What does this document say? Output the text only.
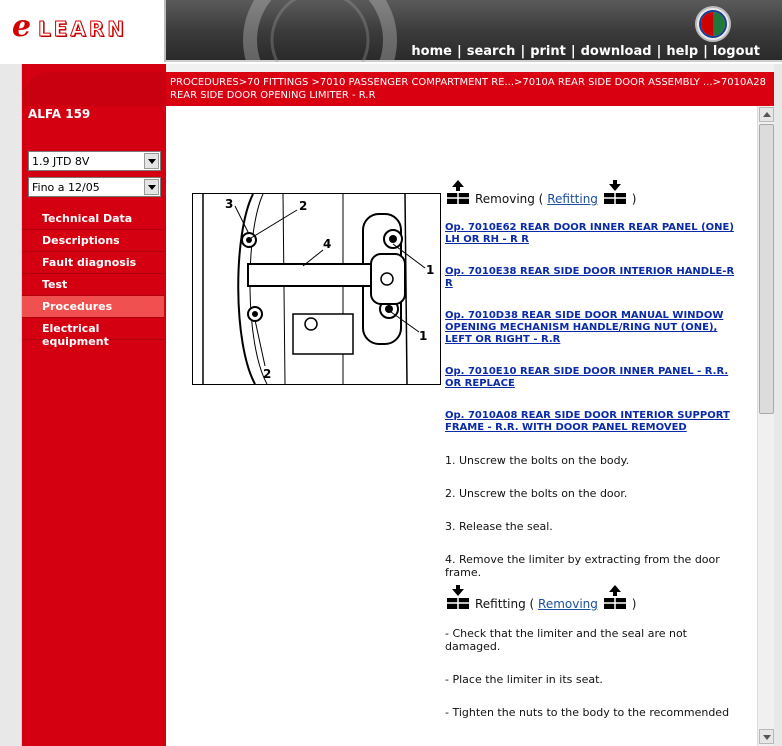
e LEARN
home | search | print | download | help | logout
PROCEDURES>70 FITTINGS >7010 PASSENGER COMPARTMENT RE...>7010A REAR SIDE DOOR ASSEMBLY ...>7010A28 REAR SIDE DOOR OPENING LIMITER - R.R
ALFA 159
1.9 JTD 8V
Fino a 12/05
Technical Data
Descriptions
Fault diagnosis
Test
Procedures
Electrical equipment
3	2
4
1
1
2
Removing (
Refitting
	)
Op. 7010E62 REAR DOOR INNER REAR PANEL (ONE) LH OR RH - R R
Op. 7010E38 REAR SIDE DOOR INTERIOR HANDLE-R R
Op. 7010D38 REAR SIDE DOOR MANUAL WINDOW OPENING MECHANISM HANDLE/RING NUT (ONE), LEFT OR RIGHT - R.R
Op. 7010E10 REAR SIDE DOOR INNER PANEL - R.R. OR REPLACE
Op. 7010A08 REAR SIDE DOOR INTERIOR SUPPORT FRAME - R.R. WITH DOOR PANEL REMOVED
1. Unscrew the bolts on the body.
2. Unscrew the bolts on the door.
3. Release the seal.
4. Remove the limiter by extracting from the door frame.
Refitting (
Removing
	)
- Check that the limiter and the seal are not damaged.
- Place the limiter in its seat.
- Tighten the nuts to the body to the recommended
